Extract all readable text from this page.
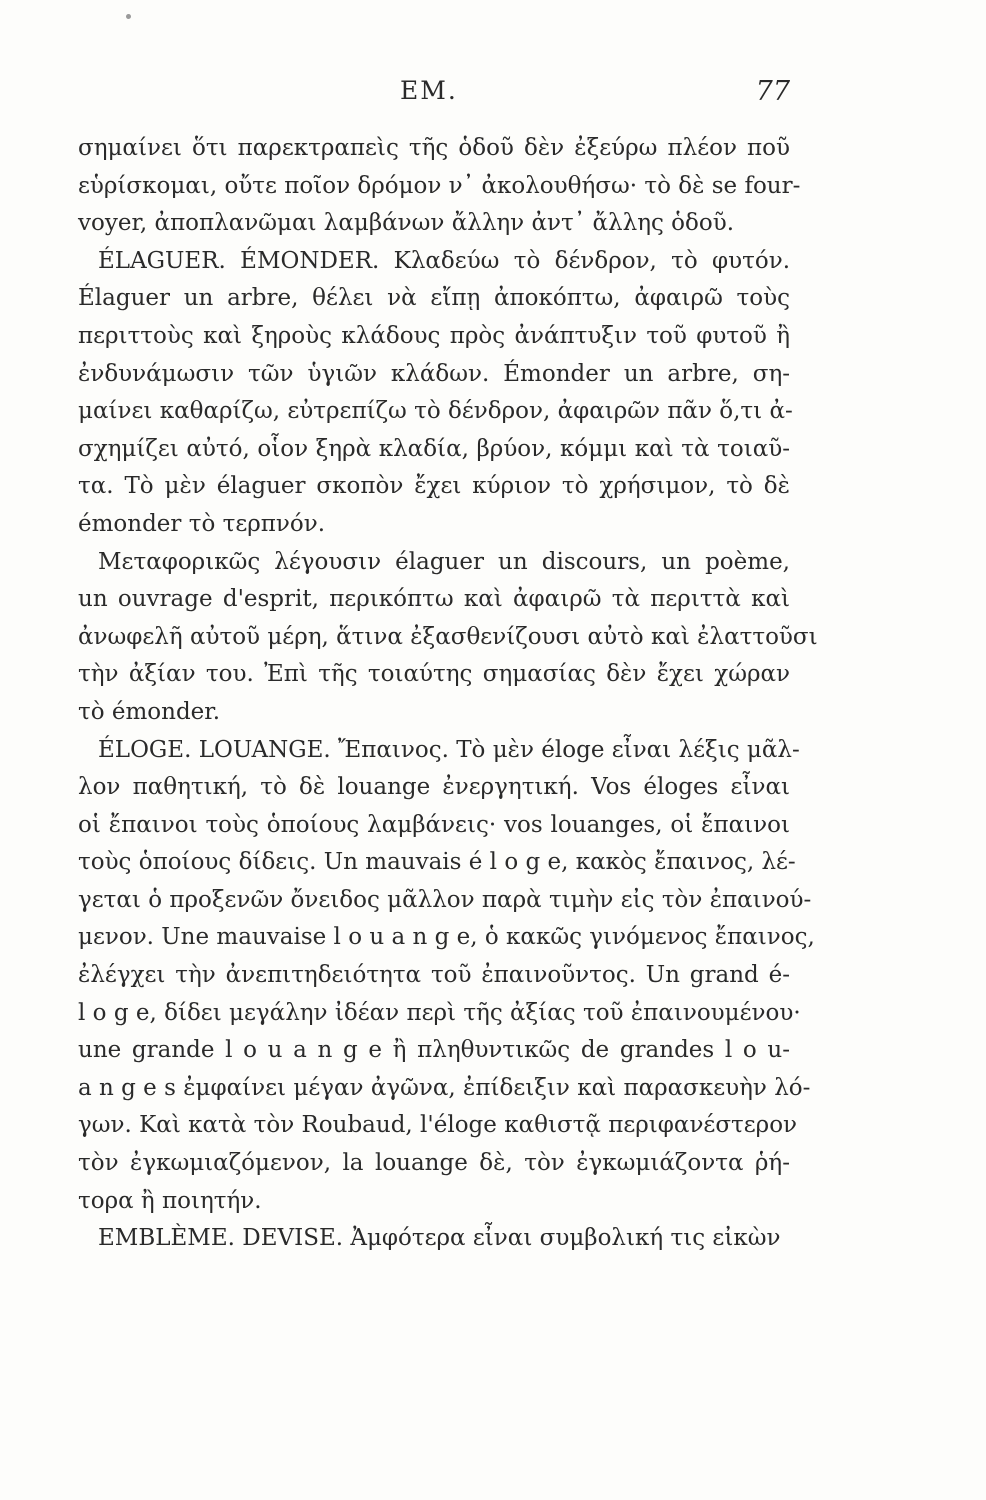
ΕΜ.	77
σημαίνει ὅτι παρεκτραπεὶς τῆς ὁδοῦ δὲν ἐξεύρω πλέον ποῦ
εὑρίσκομαι, οὔτε ποῖον δρόμον ν᾽ ἀκολουθήσω· τὸ δὲ se four-
voyer, ἀποπλανῶμαι λαμβάνων ἄλλην ἀντ᾽ ἄλλης ὁδοῦ.
ÉLAGUER. ÉMONDER. Κλαδεύω τὸ δένδρον, τὸ φυτόν.
Élaguer un arbre, θέλει νὰ εἴπῃ ἀποκόπτω, ἀφαιρῶ τοὺς
περιττοὺς καὶ ξηροὺς κλάδους πρὸς ἀνάπτυξιν τοῦ φυτοῦ ἢ
ἐνδυνάμωσιν τῶν ὑγιῶν κλάδων. Émonder un arbre, ση-
μαίνει καθαρίζω, εὐτρεπίζω τὸ δένδρον, ἀφαιρῶν πᾶν ὅ,τι ἀ-
σχημίζει αὐτό, οἷον ξηρὰ κλαδία, βρύον, κόμμι καὶ τὰ τοιαῦ-
τα. Τὸ μὲν élaguer σκοπὸν ἔχει κύριον τὸ χρήσιμον, τὸ δὲ
émonder τὸ τερπνόν.
Μεταφορικῶς λέγουσιν élaguer un discours, un poème,
un ouvrage d'esprit, περικόπτω καὶ ἀφαιρῶ τὰ περιττὰ καὶ
ἀνωφελῆ αὐτοῦ μέρη, ἅτινα ἐξασθενίζουσι αὐτὸ καὶ ἐλαττοῦσι
τὴν ἀξίαν του. Ἐπὶ τῆς τοιαύτης σημασίας δὲν ἔχει χώραν
τὸ émonder.
ÉLOGE. LOUANGE. Ἔπαινος. Τὸ μὲν éloge εἶναι λέξις μᾶλ-
λον παθητική, τὸ δὲ louange ἐνεργητική. Vos éloges εἶναι
οἱ ἔπαινοι τοὺς ὁποίους λαμβάνεις· vos louanges, οἱ ἔπαινοι
τοὺς ὁποίους δίδεις. Un mauvais é l o g e, κακὸς ἔπαινος, λέ-
γεται ὁ προξενῶν ὄνειδος μᾶλλον παρὰ τιμὴν εἰς τὸν ἐπαινού-
μενον. Une mauvaise l o u a n g e, ὁ κακῶς γινόμενος ἔπαινος,
ἐλέγχει τὴν ἀνεπιτηδειότητα τοῦ ἐπαινοῦντος. Un grand é-
l o g e, δίδει μεγάλην ἰδέαν περὶ τῆς ἀξίας τοῦ ἐπαινουμένου·
une grande l o u a n g e ἢ πληθυντικῶς de grandes l o u-
a n g e s ἐμφαίνει μέγαν ἀγῶνα, ἐπίδειξιν καὶ παρασκευὴν λό-
γων. Καὶ κατὰ τὸν Roubaud, l'éloge καθιστᾷ περιφανέστερον
τὸν ἐγκωμιαζόμενον, la louange δὲ, τὸν ἐγκωμιάζοντα ῥή-
τορα ἢ ποιητήν.
EMBLÈME. DEVISE. Ἀμφότερα εἶναι συμβολική τις εἰκὼν
